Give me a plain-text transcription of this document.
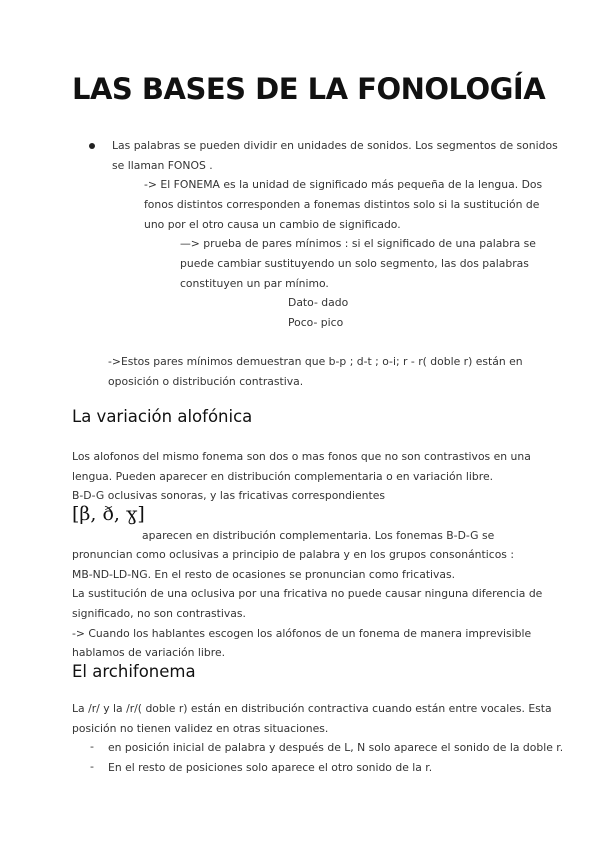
LAS BASES DE LA FONOLOGÍA

Las palabras se pueden dividir en unidades de sonidos. Los segmentos de sonidos

se llaman FONOS .

-> El FONEMA es la unidad de significado más pequeña de la lengua. Dos

fonos distintos corresponden a fonemas distintos solo si la sustitución de

uno por el otro causa un cambio de significado.

—> prueba de pares mínimos : si el significado de una palabra se

puede cambiar sustituyendo un solo segmento, las dos palabras

constituyen un par mínimo.

Dato- dado

Poco- pico

->Estos pares mínimos demuestran que b-p ; d-t ; o-i; r - r( doble r) están en

oposición o distribución contrastiva.

La variación alofónica

Los alofonos del mismo fonema son dos o mas fonos que no son contrastivos en una

lengua. Pueden aparecer en distribución complementaria o en variación libre.

B-D-G oclusivas sonoras, y las fricativas correspondientes

[β, ð, ɣ]

aparecen en distribución complementaria. Los fonemas B-D-G se

pronuncian como oclusivas a principio de palabra y en los grupos consonánticos :

MB-ND-LD-NG. En el resto de ocasiones se pronuncian como fricativas.

La sustitución de una oclusiva por una fricativa no puede causar ninguna diferencia de

significado, no son contrastivas.

-> Cuando los hablantes escogen los alófonos de un fonema de manera imprevisible

hablamos de variación libre.

El archifonema

La /r/ y la /r/( doble r) están en distribución contractiva cuando están entre vocales. Esta

posición no tienen validez en otras situaciones.

- en posición inicial de palabra y después de L, N solo aparece el sonido de la doble r.

- En el resto de posiciones solo aparece el otro sonido de la r.
